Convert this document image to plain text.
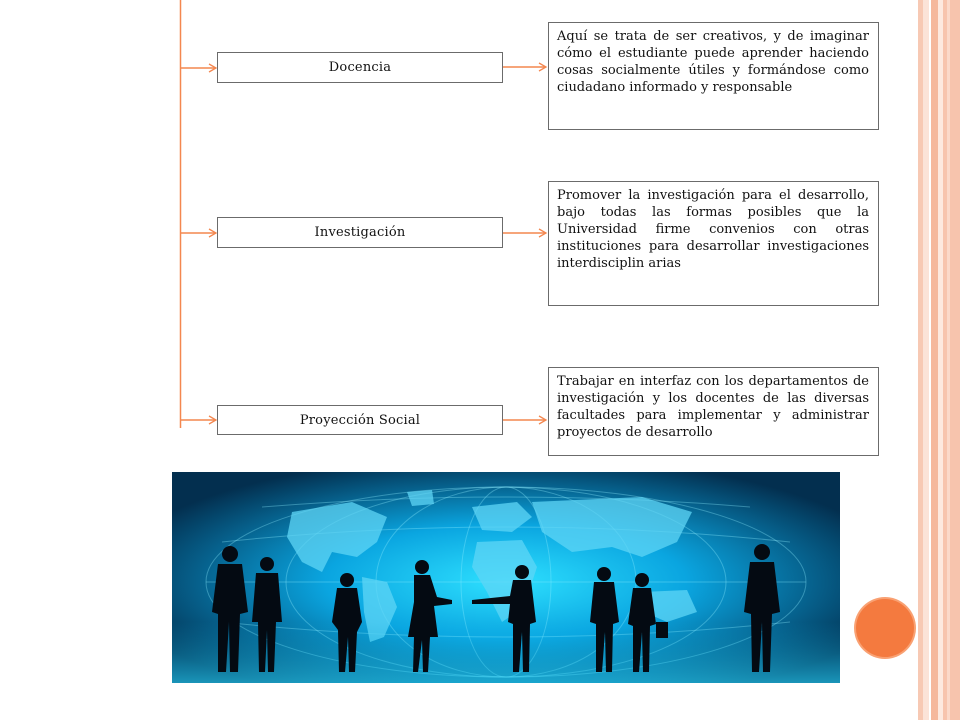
Docencia
Investigación
Proyección Social
Aquí se trata de ser creativos, y de imaginar cómo el estudiante puede aprender haciendo cosas socialmente útiles y formándose como ciudadano informado y responsable
Promover la investigación para el desarrollo, bajo todas las formas posibles que la Universidad firme convenios con otras instituciones para desarrollar investigaciones interdisciplin arias
Trabajar en interfaz con los departamentos de investigación y los docentes de las diversas facultades para implementar y administrar proyectos de desarrollo
